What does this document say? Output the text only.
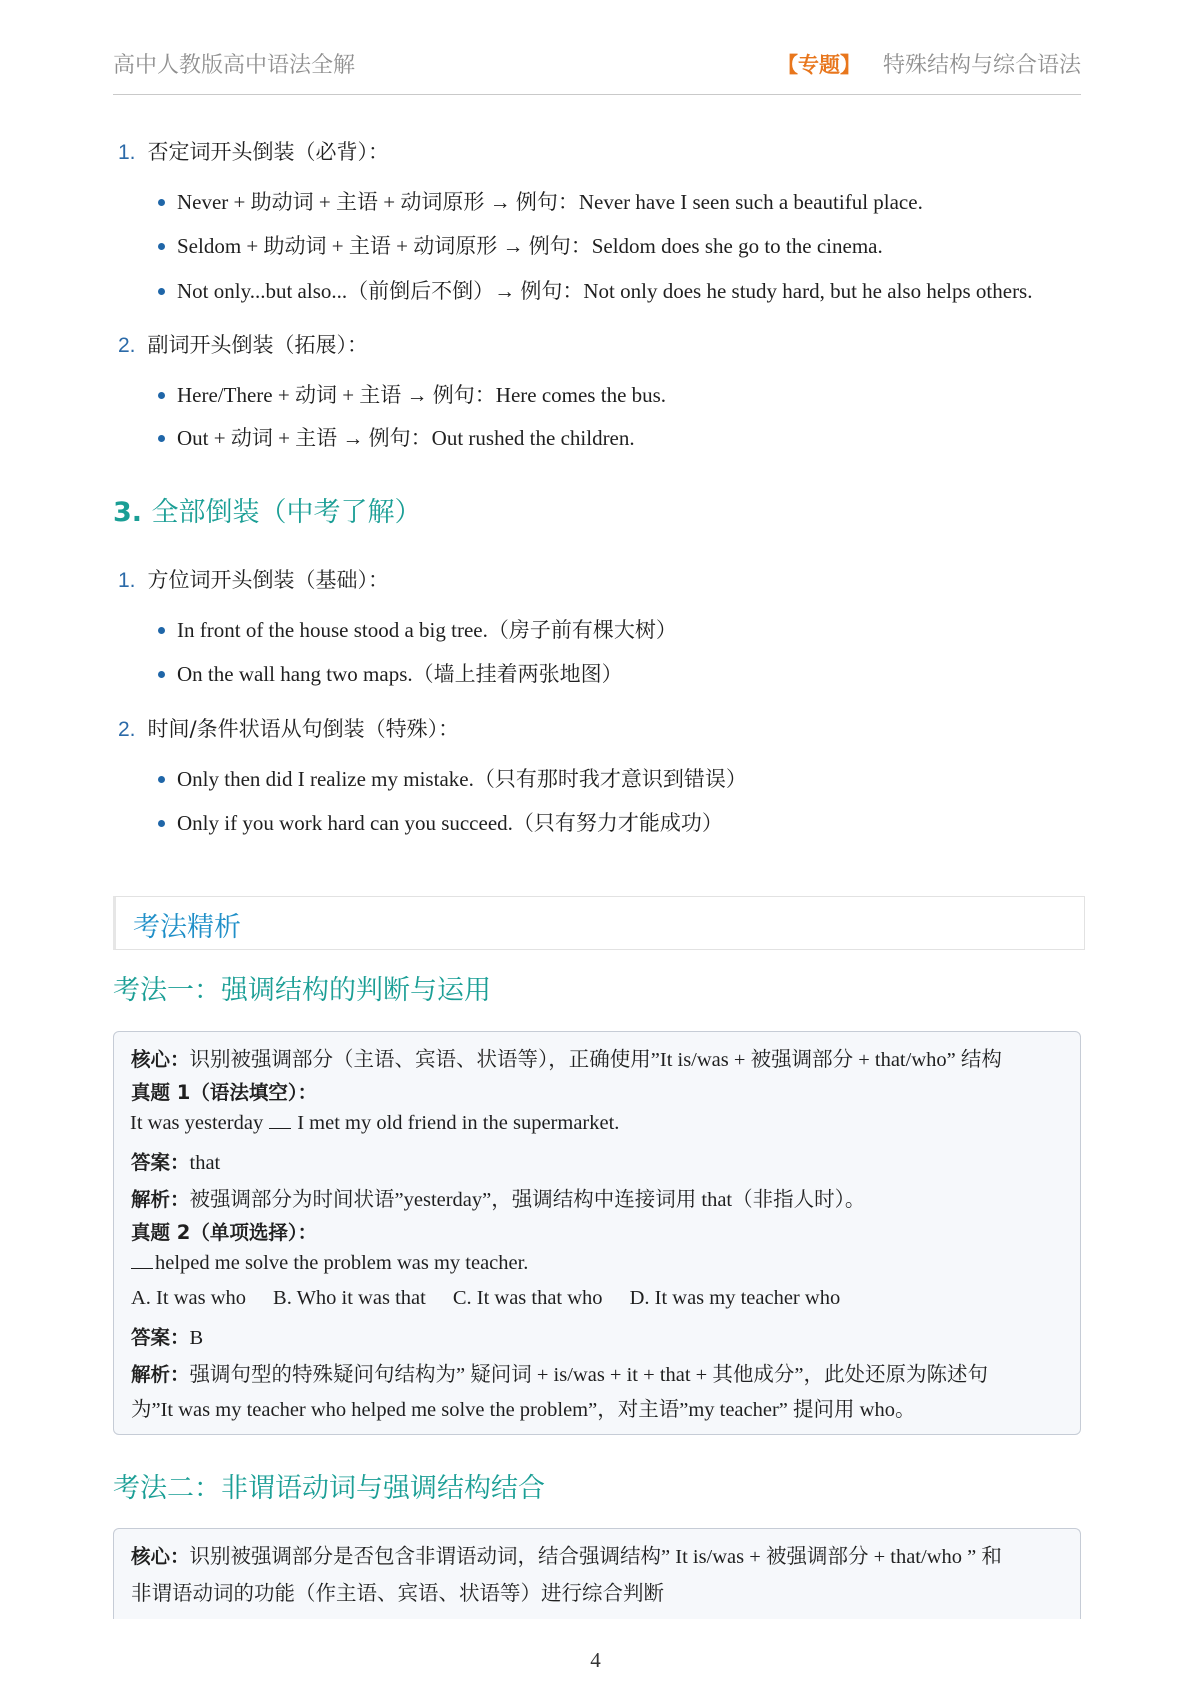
高中人教版高中语法全解	【专题】 特殊结构与综合语法
1. 否定词开头倒装（必背）：
Never + 助动词 + 主语 + 动词原形 → 例句：Never have I seen such a beautiful place.
Seldom + 助动词 + 主语 + 动词原形 → 例句：Seldom does she go to the cinema.
Not only...but also...（前倒后不倒）→ 例句：Not only does he study hard, but he also helps others.
2. 副词开头倒装（拓展）：
Here/There + 动词 + 主语 → 例句：Here comes the bus.
Out + 动词 + 主语 → 例句：Out rushed the children.
3. 全部倒装（中考了解）
1. 方位词开头倒装（基础）：
In front of the house stood a big tree.（房子前有棵大树）
On the wall hang two maps.（墙上挂着两张地图）
2. 时间/条件状语从句倒装（特殊）：
Only then did I realize my mistake.（只有那时我才意识到错误）
Only if you work hard can you succeed.（只有努力才能成功）
考法精析
考法一：强调结构的判断与运用
核心：识别被强调部分（主语、宾语、状语等），正确使用”It is/was + 被强调部分 + that/who” 结构
真题 1（语法填空）：
It was yesterday I met my old friend in the supermarket.
答案：that
解析：被强调部分为时间状语”yesterday”，强调结构中连接词用 that（非指人时）。
真题 2（单项选择）：
helped me solve the problem was my teacher.
A. It was who B. Who it was that C. It was that who D. It was my teacher who
答案：B
解析：强调句型的特殊疑问句结构为” 疑问词 + is/was + it + that + 其他成分”，此处还原为陈述句
为”It was my teacher who helped me solve the problem”，对主语”my teacher” 提问用 who。
考法二：非谓语动词与强调结构结合
核心：识别被强调部分是否包含非谓语动词，结合强调结构” It is/was + 被强调部分 + that/who ” 和
非谓语动词的功能（作主语、宾语、状语等）进行综合判断
4
